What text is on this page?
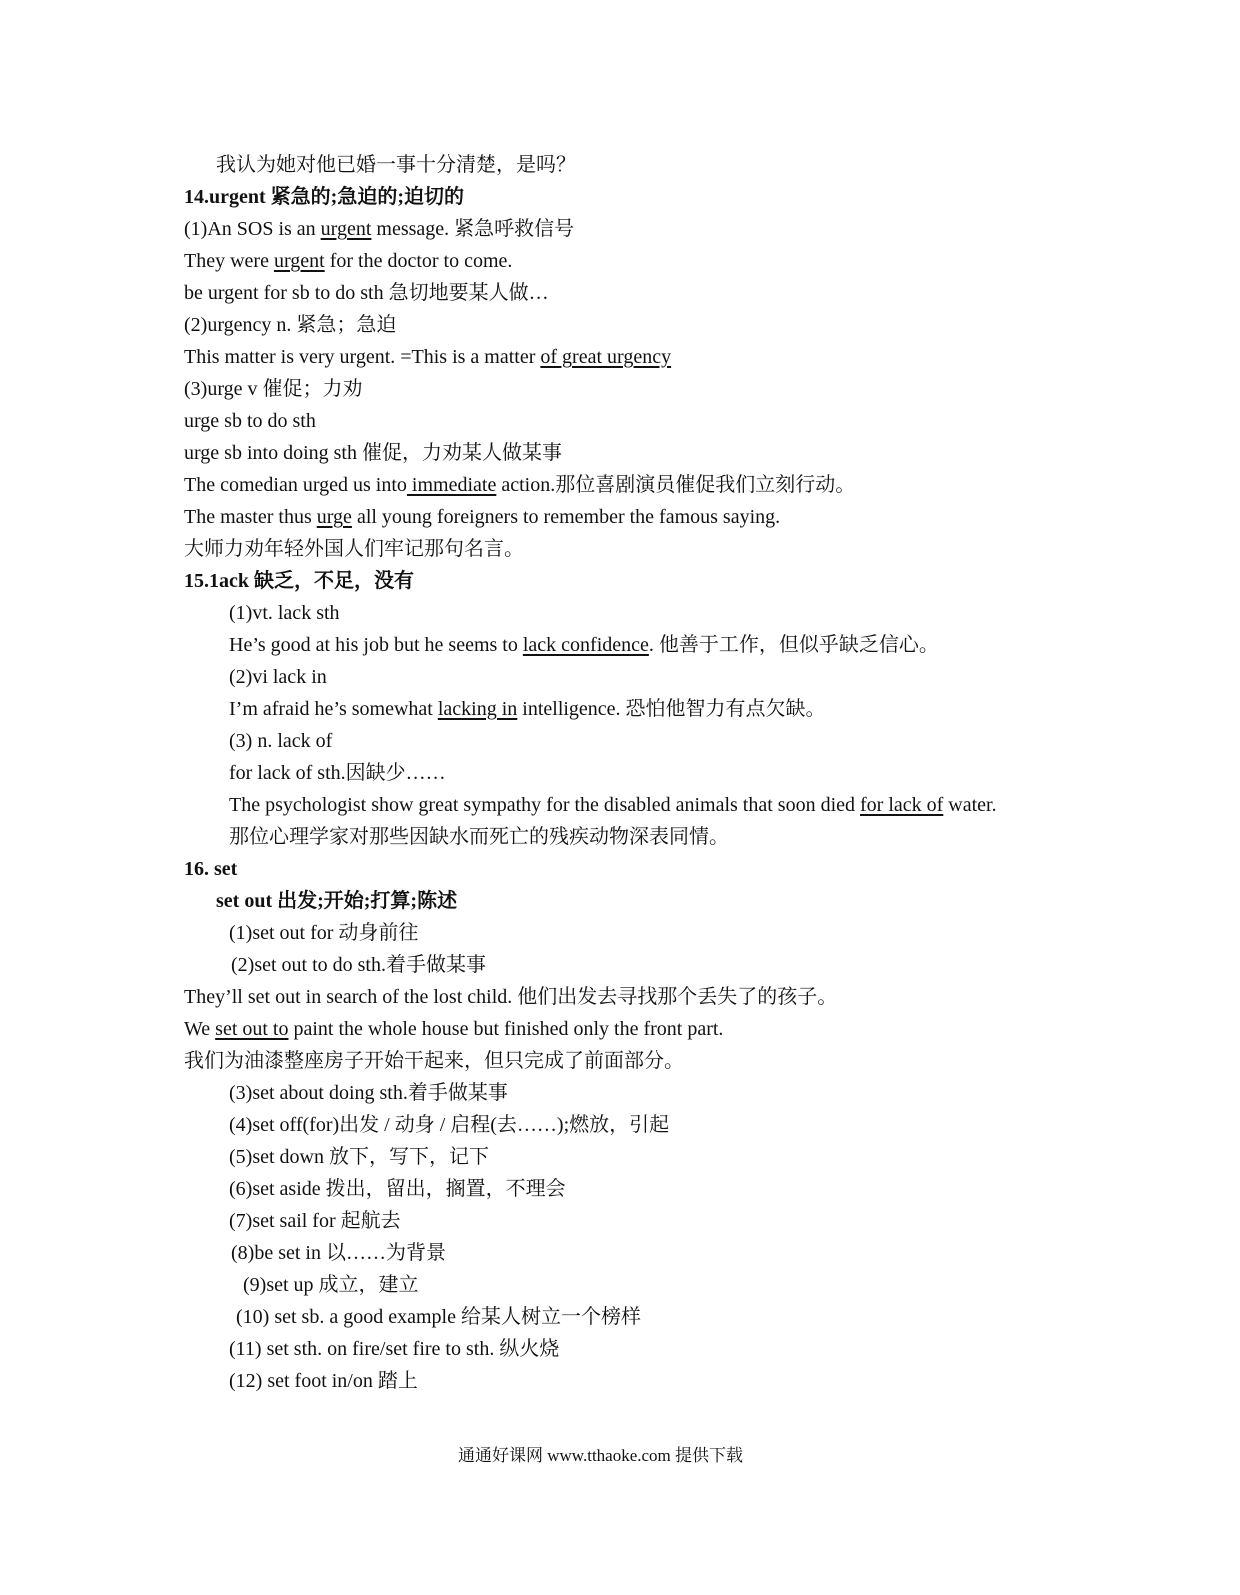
我认为她对他已婚一事十分清楚，是吗？
14.urgent 紧急的;急迫的;迫切的
(1)An SOS is an urgent message. 紧急呼救信号
They were urgent for the doctor to come.
be urgent for sb to do sth 急切地要某人做…
(2)urgency n. 紧急；急迫
This matter is very urgent. =This is a matter of great urgency
(3)urge v 催促；力劝
urge sb to do sth
urge sb into doing sth 催促，力劝某人做某事
The comedian urged us into immediate action.那位喜剧演员催促我们立刻行动。
The master thus urge all young foreigners to remember the famous saying.
大师力劝年轻外国人们牢记那句名言。
15.1ack 缺乏，不足，没有
(1)vt. lack sth
He’s good at his job but he seems to lack confidence. 他善于工作，但似乎缺乏信心。
(2)vi lack in
I’m afraid he’s somewhat lacking in intelligence. 恐怕他智力有点欠缺。
(3) n. lack of
for lack of sth.因缺少……
The psychologist show great sympathy for the disabled animals that soon died for lack of water.
那位心理学家对那些因缺水而死亡的残疾动物深表同情。
16. set
set out 出发;开始;打算;陈述
(1)set out for 动身前往
(2)set out to do sth.着手做某事
They’ll set out in search of the lost child. 他们出发去寻找那个丢失了的孩子。
We set out to paint the whole house but finished only the front part.
我们为油漆整座房子开始干起来，但只完成了前面部分。
(3)set about doing sth.着手做某事
(4)set off(for)出发 / 动身 / 启程(去……);燃放，引起
(5)set down 放下，写下，记下
(6)set aside 拨出，留出，搁置，不理会
(7)set sail for 起航去
(8)be set in 以……为背景
(9)set up 成立，建立
(10) set sb. a good example 给某人树立一个榜样
(11) set sth. on fire/set fire to sth. 纵火烧
(12) set foot in/on 踏上
通通好课网 www.tthaoke.com 提供下载
